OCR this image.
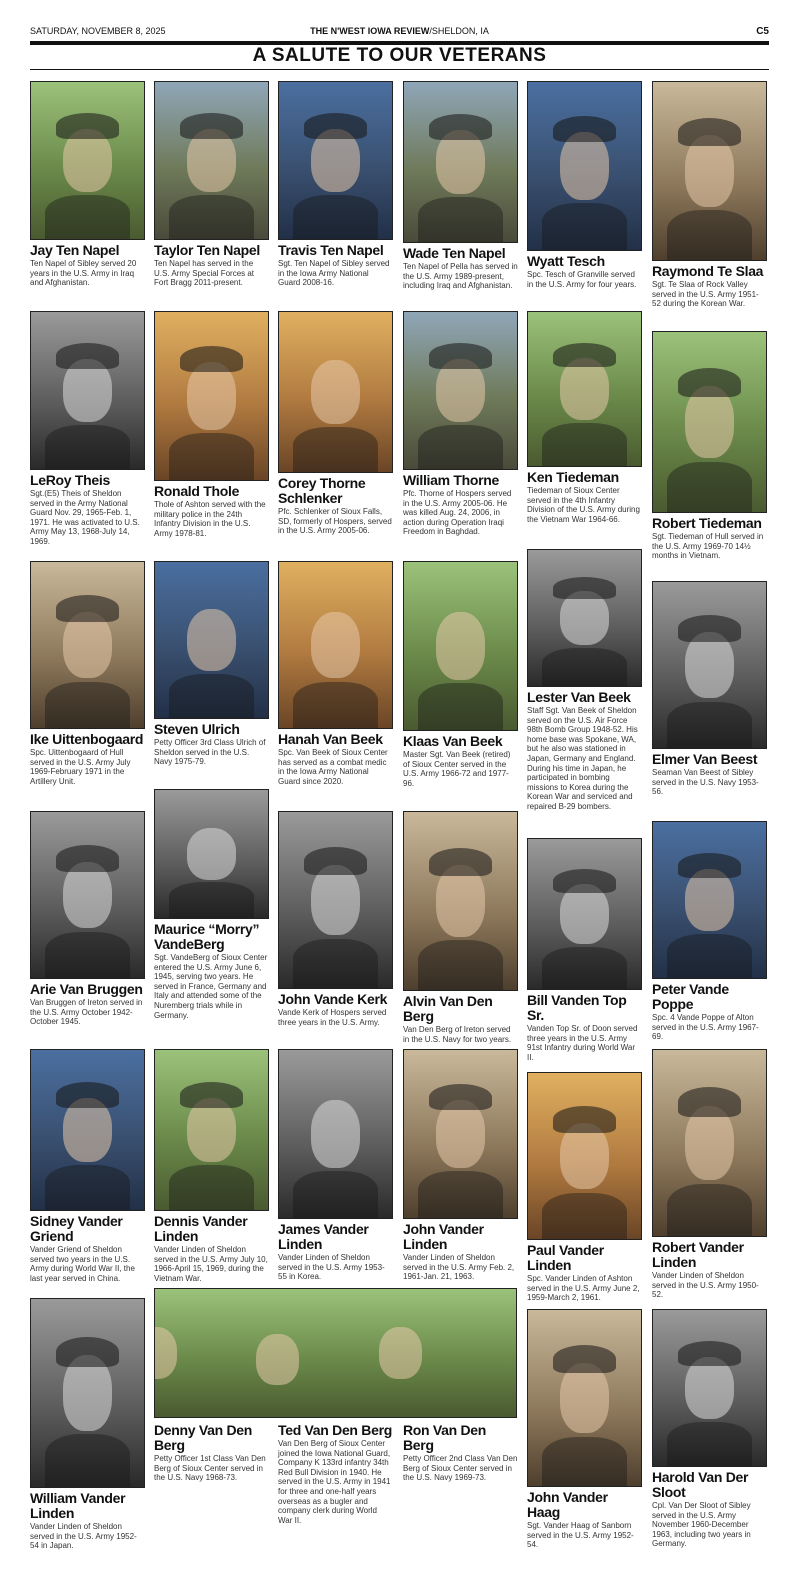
SATURDAY, NOVEMBER 8, 2025	THE N'WEST IOWA REVIEW/SHELDON, IA	C5
A SALUTE TO OUR VETERANS
Jay Ten Napel
Ten Napel of Sibley served 20 years in the U.S. Army in Iraq and Afghanistan.
Taylor Ten Napel
Ten Napel has served in the U.S. Army Special Forces at Fort Bragg 2011-present.
Travis Ten Napel
Sgt. Ten Napel of Sibley served in the Iowa Army National Guard 2008-16.
Wade Ten Napel
Ten Napel of Pella has served in the U.S. Army 1989-present, including Iraq and Afghanistan.
Wyatt Tesch
Spc. Tesch of Granville served in the U.S. Army for four years.
Raymond Te Slaa
Sgt. Te Slaa of Rock Valley served in the U.S. Army 1951-52 during the Korean War.
LeRoy Theis
Sgt.(E5) Theis of Sheldon served in the Army National Guard Nov. 29, 1965-Feb. 1, 1971. He was activated to U.S. Army May 13, 1968-July 14, 1969.
Ronald Thole
Thole of Ashton served with the military police in the 24th Infantry Division in the U.S. Army 1978-81.
Corey Thorne Schlenker
Pfc. Schlenker of Sioux Falls, SD, formerly of Hospers, served in the U.S. Army 2005-06.
William Thorne
Pfc. Thorne of Hospers served in the U.S. Army 2005-06. He was killed Aug. 24, 2006, in action during Operation Iraqi Freedom in Baghdad.
Ken Tiedeman
Tiedeman of Sioux Center served in the 4th Infantry Division of the U.S. Army during the Vietnam War 1964-66.	Robert Tiedeman
Sgt. Tiedeman of Hull served in the U.S. Army 1969-70 14½ months in Vietnam.
Ike Uittenbogaard
Spc. Uittenbogaard of Hull served in the U.S. Army July 1969-February 1971 in the Artillery Unit.
Steven Ulrich
Petty Officer 3rd Class Ulrich of Sheldon served in the U.S. Navy 1975-79.
Hanah Van Beek
Spc. Van Beek of Sioux Center has served as a combat medic in the Iowa Army National Guard since 2020.
Klaas Van Beek
Master Sgt. Van Beek (retired) of Sioux Center served in the U.S. Army 1966-72 and 1977-96.
Lester Van Beek
Staff Sgt. Van Beek of Sheldon served on the U.S. Air Force 98th Bomb Group 1948-52. His home base was Spokane, WA, but he also was stationed in Japan, Germany and England. During his time in Japan, he participated in bombing missions to Korea during the Korean War and serviced and repaired B-29 bombers.
Elmer Van Beest
Seaman Van Beest of Sibley served in the U.S. Navy 1953-56.
Arie Van Bruggen
Van Bruggen of Ireton served in the U.S. Army October 1942-October 1945.
Maurice “Morry” VandeBerg
Sgt. VandeBerg of Sioux Center entered the U.S. Army June 6, 1945, serving two years. He served in France, Germany and Italy and attended some of the Nuremberg trials while in Germany.
John Vande Kerk
Vande Kerk of Hospers served three years in the U.S. Army.
Alvin Van Den Berg
Van Den Berg of Ireton served in the U.S. Navy for two years.
Bill Vanden Top Sr.
Vanden Top Sr. of Doon served three years in the U.S. Army 91st Infantry during World War II.
Peter Vande Poppe
Spc. 4 Vande Poppe of Alton served in the U.S. Army 1967-69.
Sidney Vander Griend
Vander Griend of Sheldon served two years in the U.S. Army during World War II, the last year served in China.
Dennis Vander Linden
Vander Linden of Sheldon served in the U.S. Army July 10, 1966-April 15, 1969, during the Vietnam War.
James Vander Linden
Vander Linden of Sheldon served in the U.S. Army 1953-55 in Korea.
John Vander Linden
Vander Linden of Sheldon served in the U.S. Army Feb. 2, 1961-Jan. 21, 1963.
Paul Vander Linden
Spc. Vander Linden of Ashton served in the U.S. Army June 2, 1959-March 2, 1961.
Robert Vander Linden
Vander Linden of Sheldon served in the U.S. Army 1950-52.
William Vander Linden
Vander Linden of Sheldon served in the U.S. Army 1952-54 in Japan.
Denny Van Den Berg
Petty Officer 1st Class Van Den Berg of Sioux Center served in the U.S. Navy 1968-73.
Ted Van Den Berg
Van Den Berg of Sioux Center joined the Iowa National Guard, Company K 133rd infantry 34th Red Bull Division in 1940. He served in the U.S. Army in 1941 for three and one-half years overseas as a bugler and company clerk during World War II.
Ron Van Den Berg
Petty Officer 2nd Class Van Den Berg of Sioux Center served in the U.S. Navy 1969-73.
John Vander Haag
Sgt. Vander Haag of Sanborn served in the U.S. Army 1952-54.
Harold Van Der Sloot
Cpl. Van Der Sloot of Sibley served in the U.S. Army November 1960-December 1963, including two years in Germany.
